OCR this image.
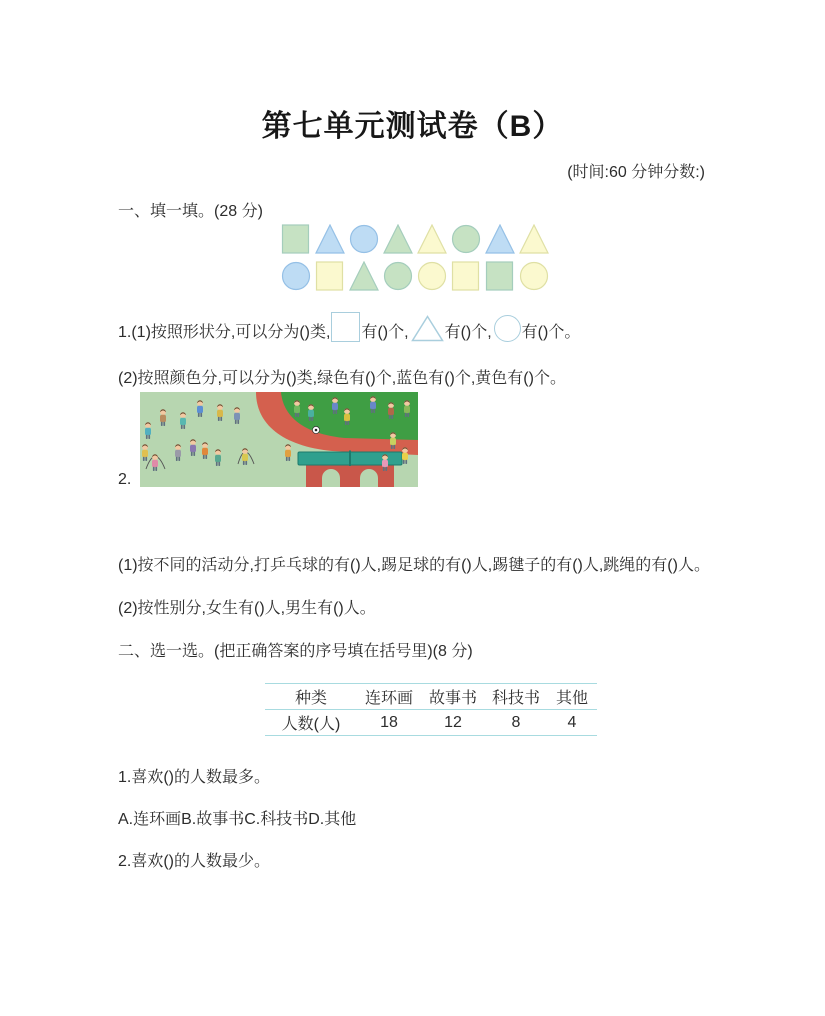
第七单元测试卷（B）
(时间:60 分钟分数:)
一、填一填。(28 分)
1.(1)按照形状分,可以分为()类, 有()个, 有()个, 有()个。
(2)按照颜色分,可以分为()类,绿色有()个,蓝色有()个,黄色有()个。
2.
(1)按不同的活动分,打乒乓球的有()人,踢足球的有()人,踢毽子的有()人,跳绳的有()人。
(2)按性别分,女生有()人,男生有()人。
二、选一选。(把正确答案的序号填在括号里)(8 分)
种类	连环画	故事书	科技书	其他
人数(人)	18	12	8	4
1.喜欢()的人数最多。
A.连环画B.故事书C.科技书D.其他
2.喜欢()的人数最少。
